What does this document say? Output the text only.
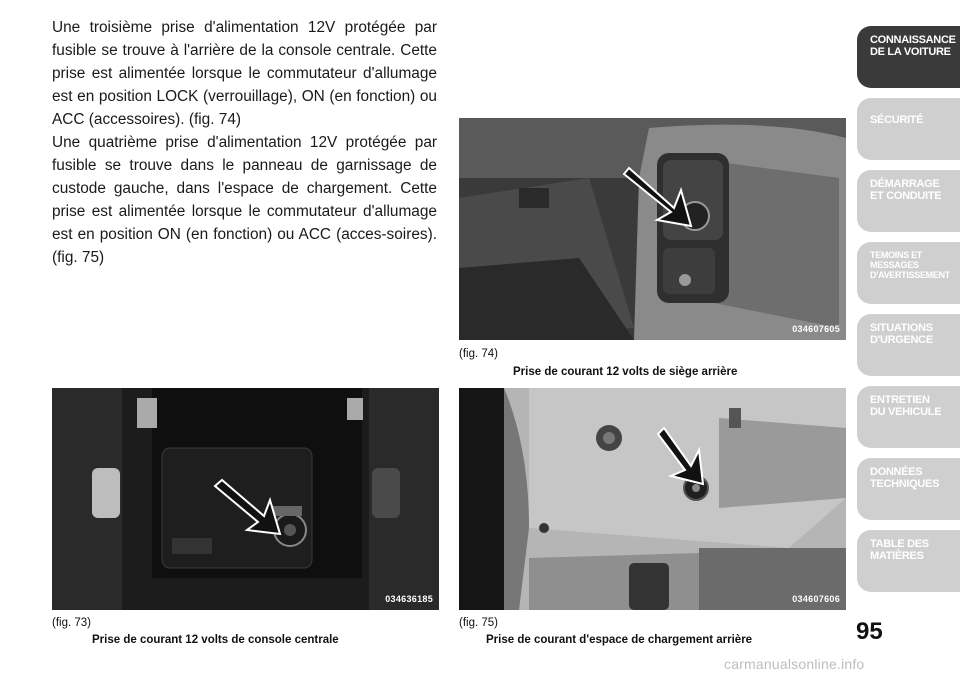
Une troisième prise d'alimentation 12V protégée par fusible se trouve à l'arrière de la console centrale. Cette prise est alimentée lorsque le commutateur d'allumage est en position LOCK (verrouillage), ON (en fonction) ou ACC (accessoires). (fig. 74)

Une quatrième prise d'alimentation 12V protégée par fusible se trouve dans le panneau de garnissage de custode gauche, dans l'espace de chargement. Cette prise est alimentée lorsque le commutateur d'allumage est en position ON (en fonction) ou ACC (acces-soires). (fig. 75)

034607605
(fig. 74)
Prise de courant 12 volts de siège arrière
034636185
(fig. 73)
Prise de courant 12 volts de console centrale
034607606
(fig. 75)
Prise de courant d'espace de chargement arrière
CONNAISSANCE
DE LA VOITURE
SÉCURITÉ
DÉMARRAGE
ET CONDUITE
TEMOINS ET
MESSAGES
D'AVERTISSEMENT
SITUATIONS
D'URGENCE
ENTRETIEN
DU VEHICULE
DONNÉES
TECHNIQUES
TABLE DES
MATIÈRES
95
carmanualsonline.info
